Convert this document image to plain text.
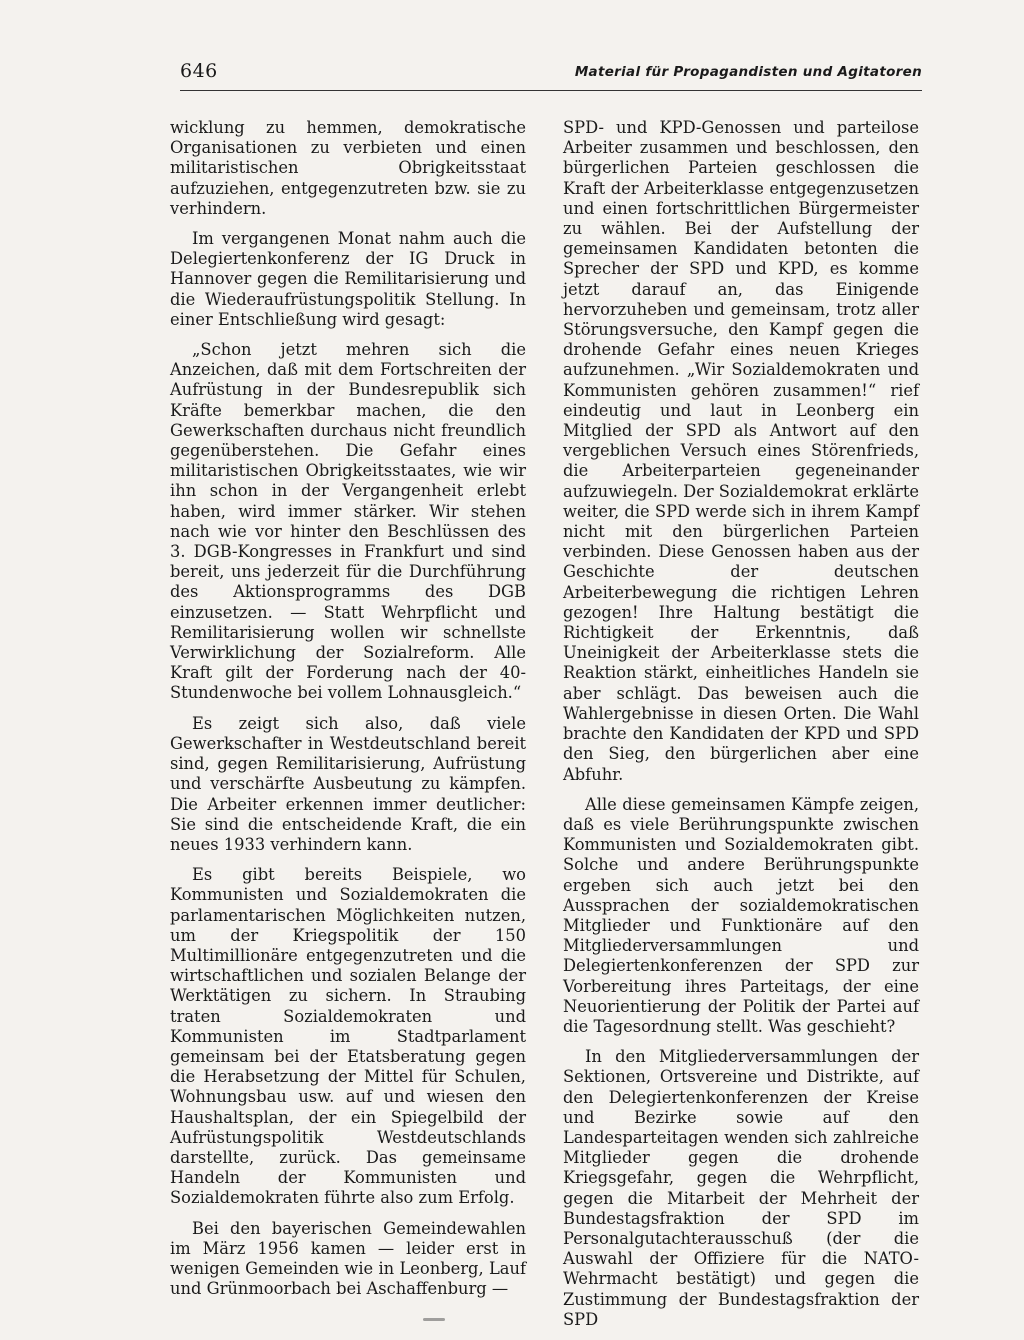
646	Material für Propagandisten und Agitatoren

wicklung zu hemmen, demokratische Organisationen zu verbieten und einen militaristischen Obrigkeitsstaat aufzuziehen, entgegenzutreten bzw. sie zu verhindern.

Im vergangenen Monat nahm auch die Delegiertenkonferenz der IG Druck in Hannover gegen die Remilitarisierung und die Wiederaufrüstungspolitik Stellung. In einer Entschließung wird gesagt:

„Schon jetzt mehren sich die Anzeichen, daß mit dem Fortschreiten der Aufrüstung in der Bundesrepublik sich Kräfte bemerkbar machen, die den Gewerkschaften durchaus nicht freundlich gegenüberstehen. Die Gefahr eines militaristischen Obrigkeitsstaates, wie wir ihn schon in der Vergangenheit erlebt haben, wird immer stärker. Wir stehen nach wie vor hinter den Beschlüssen des 3. DGB-Kongresses in Frankfurt und sind bereit, uns jederzeit für die Durchführung des Aktionsprogramms des DGB einzusetzen. — Statt Wehrpflicht und Remilitarisierung wollen wir schnellste Verwirklichung der Sozialreform. Alle Kraft gilt der Forderung nach der 40-Stundenwoche bei vollem Lohnausgleich.“

Es zeigt sich also, daß viele Gewerkschafter in Westdeutschland bereit sind, gegen Remilitarisierung, Aufrüstung und verschärfte Ausbeutung zu kämpfen. Die Arbeiter erkennen immer deutlicher: Sie sind die entscheidende Kraft, die ein neues 1933 verhindern kann.

Es gibt bereits Beispiele, wo Kommunisten und Sozialdemokraten die parlamentarischen Möglichkeiten nutzen, um der Kriegspolitik der 150 Multimillionäre entgegenzutreten und die wirtschaftlichen und sozialen Belange der Werktätigen zu sichern. In Straubing traten Sozialdemokraten und Kommunisten im Stadtparlament gemeinsam bei der Etatsberatung gegen die Herabsetzung der Mittel für Schulen, Wohnungsbau usw. auf und wiesen den Haushaltsplan, der ein Spiegelbild der Aufrüstungspolitik Westdeutschlands darstellte, zurück. Das gemeinsame Handeln der Kommunisten und Sozialdemokraten führte also zum Erfolg.

Bei den bayerischen Gemeindewahlen im März 1956 kamen — leider erst in wenigen Gemeinden wie in Leonberg, Lauf und Grünmoorbach bei Aschaffenburg —

SPD- und KPD-Genossen und parteilose Arbeiter zusammen und beschlossen, den bürgerlichen Parteien geschlossen die Kraft der Arbeiterklasse entgegenzusetzen und einen fortschrittlichen Bürgermeister zu wählen. Bei der Aufstellung der gemeinsamen Kandidaten betonten die Sprecher der SPD und KPD, es komme jetzt darauf an, das Einigende hervorzuheben und gemeinsam, trotz aller Störungsversuche, den Kampf gegen die drohende Gefahr eines neuen Krieges aufzunehmen. „Wir Sozialdemokraten und Kommunisten gehören zusammen!“ rief eindeutig und laut in Leonberg ein Mitglied der SPD als Antwort auf den vergeblichen Versuch eines Störenfrieds, die Arbeiterparteien gegeneinander aufzuwiegeln. Der Sozialdemokrat erklärte weiter, die SPD werde sich in ihrem Kampf nicht mit den bürgerlichen Parteien verbinden. Diese Genossen haben aus der Geschichte der deutschen Arbeiterbewegung die richtigen Lehren gezogen! Ihre Haltung bestätigt die Richtigkeit der Erkenntnis, daß Uneinigkeit der Arbeiterklasse stets die Reaktion stärkt, einheitliches Handeln sie aber schlägt. Das beweisen auch die Wahlergebnisse in diesen Orten. Die Wahl brachte den Kandidaten der KPD und SPD den Sieg, den bürgerlichen aber eine Abfuhr.

Alle diese gemeinsamen Kämpfe zeigen, daß es viele Berührungspunkte zwischen Kommunisten und Sozialdemokraten gibt. Solche und andere Berührungspunkte ergeben sich auch jetzt bei den Aussprachen der sozialdemokratischen Mitglieder und Funktionäre auf den Mitgliederversammlungen und Delegiertenkonferenzen der SPD zur Vorbereitung ihres Parteitags, der eine Neuorientierung der Politik der Partei auf die Tagesordnung stellt. Was geschieht?

In den Mitgliederversammlungen der Sektionen, Ortsvereine und Distrikte, auf den Delegiertenkonferenzen der Kreise und Bezirke sowie auf den Landesparteitagen wenden sich zahlreiche Mitglieder gegen die drohende Kriegsgefahr, gegen die Wehrpflicht, gegen die Mitarbeit der Mehrheit der Bundestagsfraktion der SPD im Personalgutachterausschuß (der die Auswahl der Offiziere für die NATO-Wehrmacht bestätigt) und gegen die Zustimmung der Bundestagsfraktion der SPD
